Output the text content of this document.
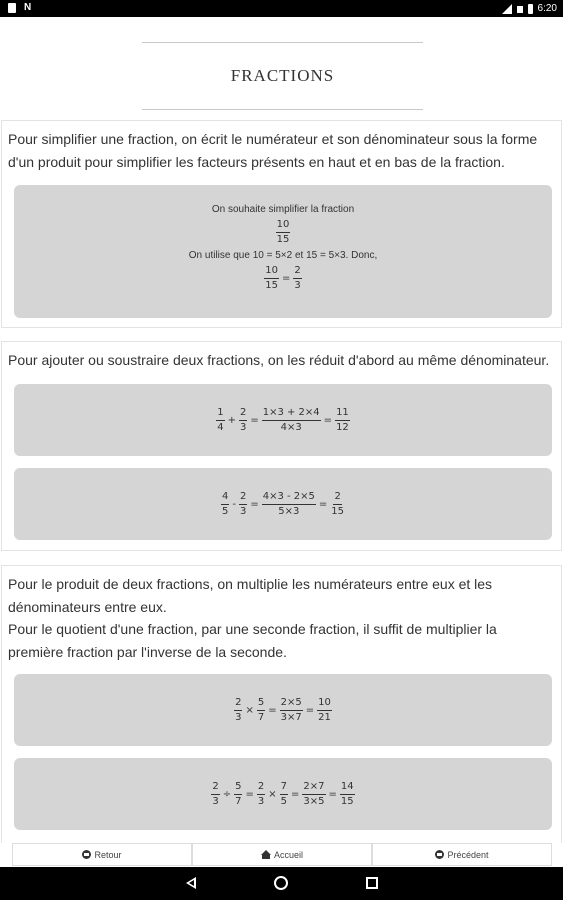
N	6:20
FRACTIONS

Pour simplifier une fraction, on écrit le numérateur et son dénominateur sous la forme d'un produit pour simplifier les facteurs présents en haut et en bas de la fraction.

On souhaite simplifier la fraction
$\frac{10}{15}$
On utilise que 10 = 5×2 et 15 = 5×3. Donc,
$\frac{10}{15} = \frac{2}{3}$

Pour ajouter ou soustraire deux fractions, on les réduit d'abord au même dénominateur.

$\frac{1}{4} + \frac{2}{3} = \frac{1\times 3 + 2\times 4}{4\times 3} = \frac{11}{12}$
$\frac{4}{5} - \frac{2}{3} = \frac{4\times 3 - 2\times 5}{5\times 3} = \frac{2}{15}$

Pour le produit de deux fractions, on multiplie les numérateurs entre eux et les dénominateurs entre eux.

Pour le quotient d'une fraction, par une seconde fraction, il suffit de multiplier la première fraction par l'inverse de la seconde.

$\frac{2}{3} \times \frac{5}{7} = \frac{2\times 5}{3\times 7} = \frac{10}{21}$
$\frac{2}{3} \div \frac{5}{7} = \frac{2}{3} \times \frac{7}{5} = \frac{2\times 7}{3\times 5} = \frac{14}{15}$
Retour	Accueil	Précédent
